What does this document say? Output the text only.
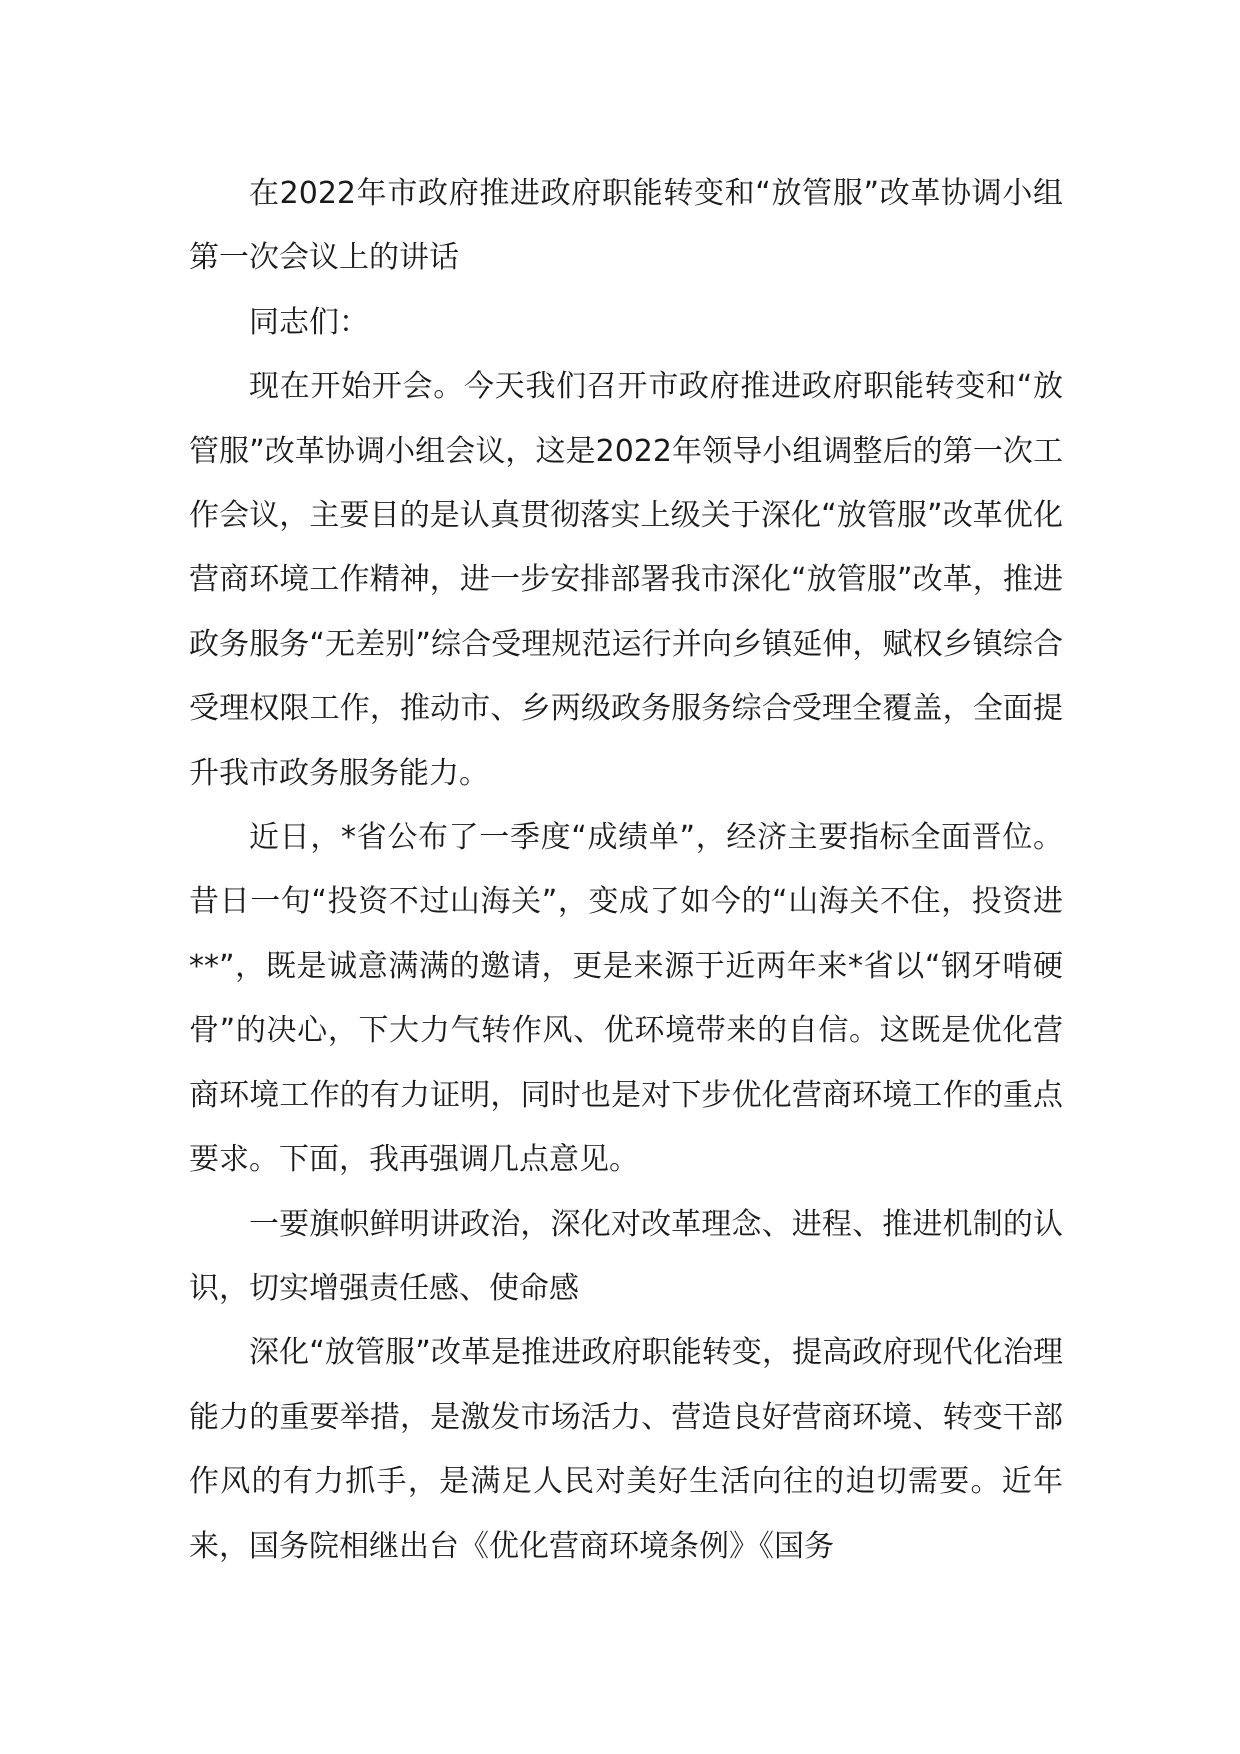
在2022年市政府推进政府职能转变和“放管服”改革协调小组第一次会议上的讲话

同志们：

现在开始开会。今天我们召开市政府推进政府职能转变和“放管服”改革协调小组会议，这是2022年领导小组调整后的第一次工作会议，主要目的是认真贯彻落实上级关于深化“放管服”改革优化营商环境工作精神，进一步安排部署我市深化“放管服”改革，推进政务服务“无差别”综合受理规范运行并向乡镇延伸，赋权乡镇综合受理权限工作，推动市、乡两级政务服务综合受理全覆盖，全面提升我市政务服务能力。

近日，*省公布了一季度“成绩单”，经济主要指标全面晋位。昔日一句“投资不过山海关”，变成了如今的“山海关不住，投资进**”，既是诚意满满的邀请，更是来源于近两年来*省以“钢牙啃硬骨”的决心，下大力气转作风、优环境带来的自信。这既是优化营商环境工作的有力证明，同时也是对下步优化营商环境工作的重点要求。下面，我再强调几点意见。

一要旗帜鲜明讲政治，深化对改革理念、进程、推进机制的认识，切实增强责任感、使命感

深化“放管服”改革是推进政府职能转变，提高政府现代化治理能力的重要举措，是激发市场活力、营造良好营商环境、转变干部作风的有力抓手，是满足人民对美好生活向往的迫切需要。近年来，国务院相继出台《优化营商环境条例》《国务
